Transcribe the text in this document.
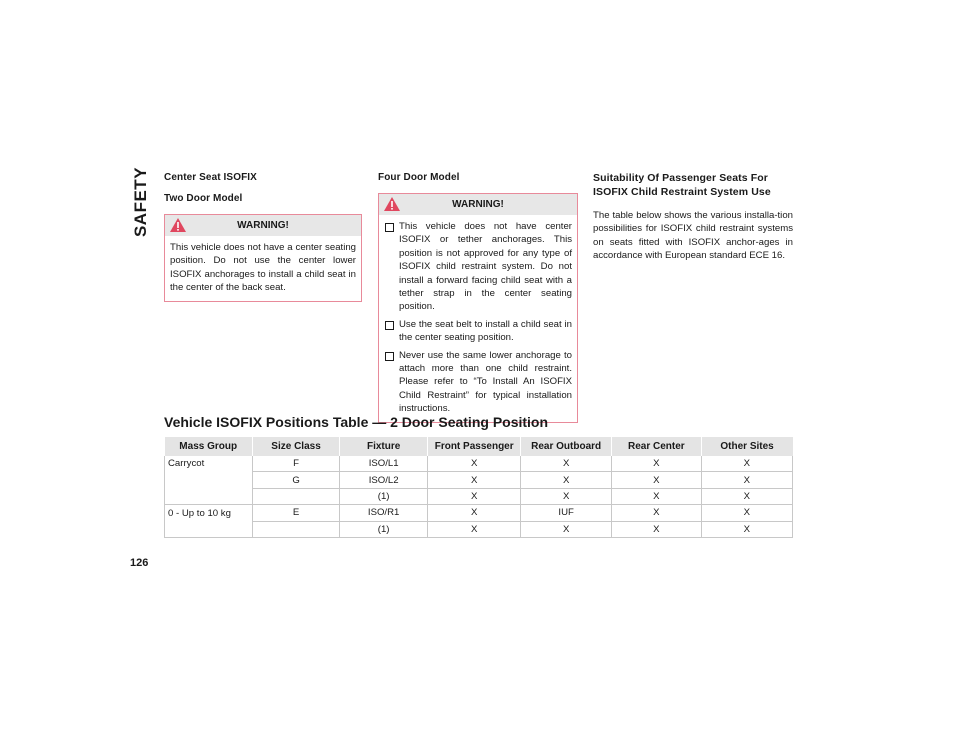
SAFETY
126
Center Seat ISOFIX
Two Door Model
WARNING!
This vehicle does not have a center seating position. Do not use the center lower ISOFIX anchorages to install a child seat in the center of the back seat.
Four Door Model
WARNING!
This vehicle does not have center ISOFIX or tether anchorages. This position is not approved for any type of ISOFIX child restraint system. Do not install a forward facing child seat with a tether strap in the center seating position.
Use the seat belt to install a child seat in the center seating position.
Never use the same lower anchorage to attach more than one child restraint. Please refer to “To Install An ISOFIX Child Restraint” for typical installation instructions.
Suitability Of Passenger Seats For ISOFIX Child Restraint System Use

The table below shows the various installa-tion possibilities for ISOFIX child restraint systems on seats fitted with ISOFIX anchor-ages in accordance with European standard ECE 16.

Vehicle ISOFIX Positions Table — 2 Door Seating Position
Mass Group	Size Class	Fixture	Front Passenger	Rear Outboard	Rear Center	Other Sites
Carrycot	F	ISO/L1	X	X	X	X
	G	ISO/L2	X	X	X	X
		(1)	X	X	X	X
0 - Up to 10 kg	E	ISO/R1	X	IUF	X	X
		(1)	X	X	X	X
